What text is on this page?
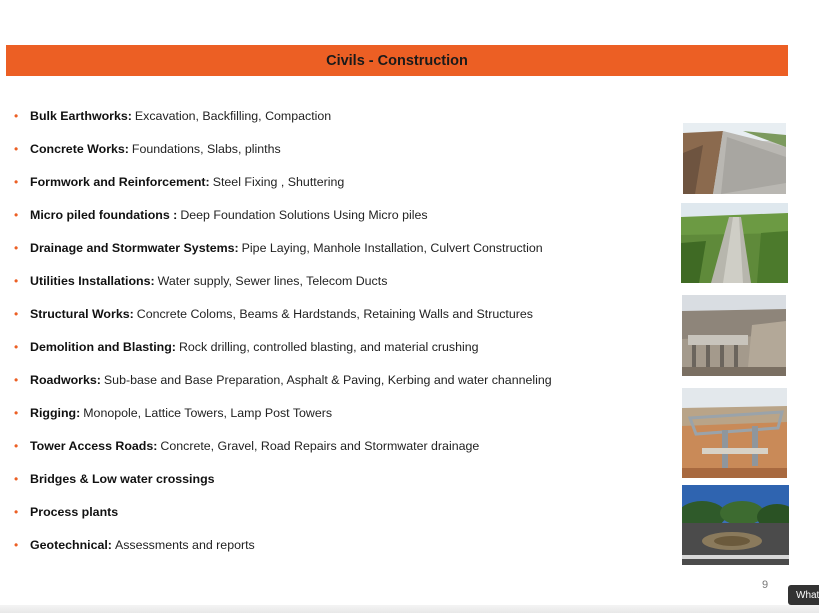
Civils - Construction
• Bulk Earthworks: Excavation, Backfilling, Compaction
• Concrete Works: Foundations, Slabs, plinths
• Formwork and Reinforcement: Steel Fixing , Shuttering
• Micro piled foundations : Deep Foundation Solutions Using Micro piles
• Drainage and Stormwater Systems: Pipe Laying, Manhole Installation, Culvert Construction
• Utilities Installations: Water supply, Sewer lines, Telecom Ducts
• Structural Works: Concrete Coloms, Beams & Hardstands, Retaining Walls and Structures
• Demolition and Blasting: Rock drilling, controlled blasting, and material crushing
• Roadworks: Sub-base and Base Preparation, Asphalt & Paving, Kerbing and water channeling
• Rigging: Monopole, Lattice Towers, Lamp Post Towers
• Tower Access Roads: Concrete, Gravel, Road Repairs and Stormwater drainage
• Bridges & Low water crossings
• Process plants
• Geotechnical: Assessments and reports
9
What
